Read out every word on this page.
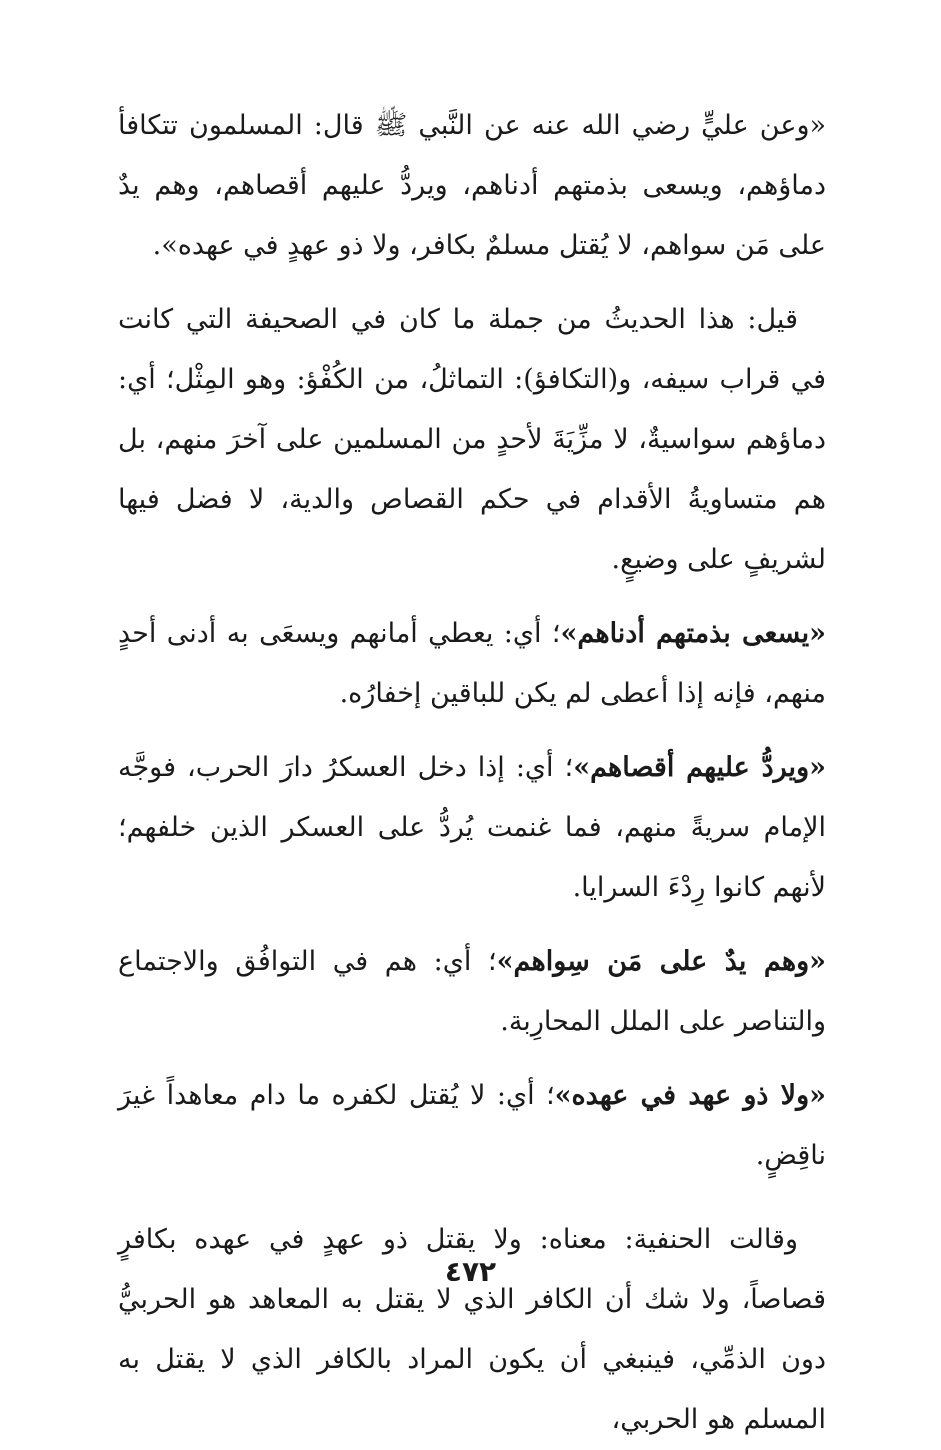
«وعن عليٍّ رضي الله عنه عن النَّبي ﷺ قال: المسلمون تتكافأ دماؤهم، ويسعى بذمتهم أدناهم، ويردُّ عليهم أقصاهم، وهم يدٌ على مَن سواهم، لا يُقتل مسلمٌ بكافر، ولا ذو عهدٍ في عهده».

قيل: هذا الحديثُ من جملة ما كان في الصحيفة التي كانت في قراب سيفه، و(التكافؤ): التماثلُ، من الكُفْؤ: وهو المِثْل؛ أي: دماؤهم سواسيةٌ، لا مزِّيَةَ لأحدٍ من المسلمين على آخرَ منهم، بل هم متساويةُ الأقدام في حكم القصاص والدية، لا فضل فيها لشريفٍ على وضيعٍ.

«يسعى بذمتهم أدناهم»؛ أي: يعطي أمانهم ويسعَى به أدنى أحدٍ منهم، فإنه إذا أعطى لم يكن للباقين إخفارُه.

«ويردُّ عليهم أقصاهم»؛ أي: إذا دخل العسكرُ دارَ الحرب، فوجَّه الإمام سريةً منهم، فما غنمت يُردُّ على العسكر الذين خلفهم؛ لأنهم كانوا رِدْءَ السرايا.

«وهم يدٌ على مَن سِواهم»؛ أي: هم في التوافُق والاجتماع والتناصر على الملل المحارِبة.

«ولا ذو عهد في عهده»؛ أي: لا يُقتل لكفره ما دام معاهداً غيرَ ناقِضٍ.

وقالت الحنفية: معناه: ولا يقتل ذو عهدٍ في عهده بكافرٍ قصاصاً، ولا شك أن الكافر الذي لا يقتل به المعاهد هو الحربيُّ دون الذمِّي، فينبغي أن يكون المراد بالكافر الذي لا يقتل به المسلم هو الحربي،

٤٧٢
